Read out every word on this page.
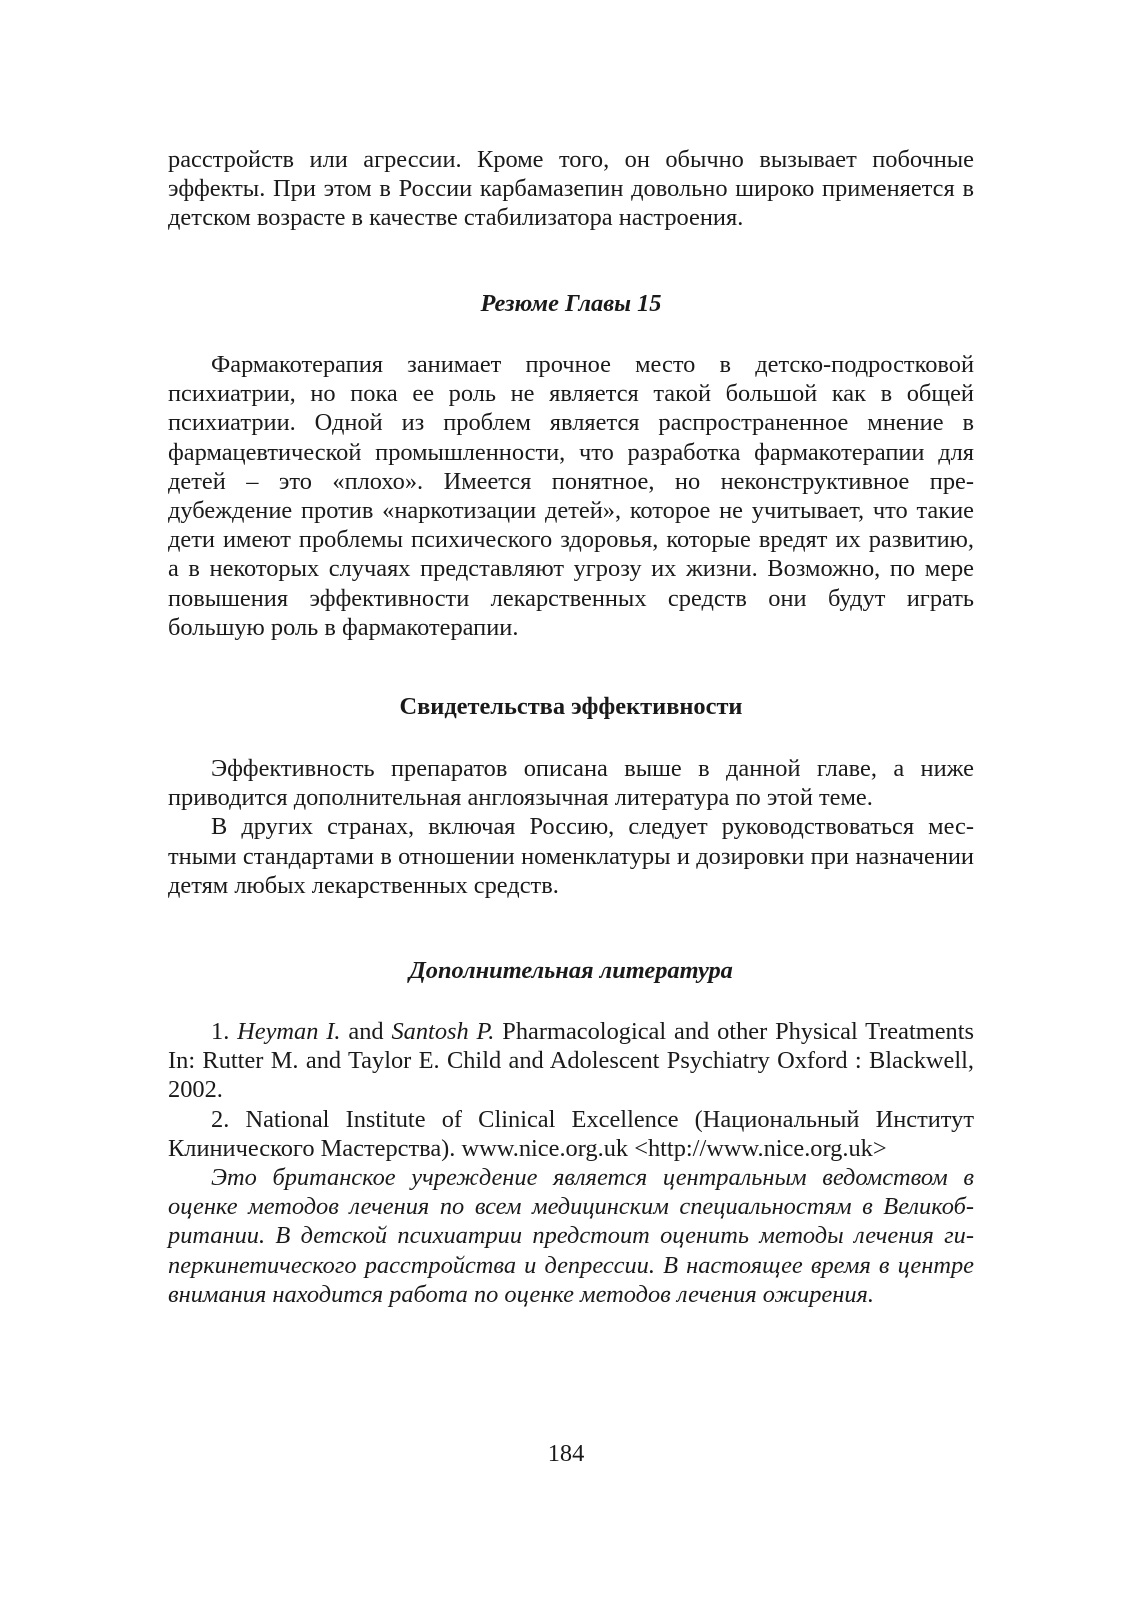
расстройств или агрессии. Кроме того, он обычно вызывает побочные эффекты. При этом в России карбамазепин довольно широко применяется в детском возрасте в качестве стабилизатора настроения.

Резюме Главы 15

Фармакотерапия занимает прочное место в детско-подростковой психиатрии, но пока ее роль не является такой большой как в общей психиатрии. Одной из проблем является распространенное мнение в фармацевтической промышленности, что разработка фармакотерапии для детей – это «плохо». Имеется понятное, но неконструктивное предубеждение против «наркотизации детей», которое не учитывает, что такие дети имеют проблемы психического здоровья, которые вредят их развитию, а в некоторых случаях представляют угрозу их жизни. Возможно, по мере повышения эффективности лекарственных средств они будут играть большую роль в фармакотерапии.

Свидетельства эффективности

Эффективность препаратов описана выше в данной главе, а ниже приводится дополнительная англоязычная литература по этой теме.

В других странах, включая Россию, следует руководствоваться местными стандартами в отношении номенклатуры и дозировки при назначении детям любых лекарственных средств.

Дополнительная литература

1. Heyman I. and Santosh P. Pharmacological and other Physical Treatments In: Rutter M. and Taylor E. Child and Adolescent Psychiatry Oxford : Blackwell, 2002.

2. National Institute of Clinical Excellence (Национальный Институт Клинического Мастерства). www.nice.org.uk <http://www.nice.org.uk>

Это британское учреждение является центральным ведомством в оценке методов лечения по всем медицинским специальностям в Великобритании. В детской психиатрии предстоит оценить методы лечения гиперкинетического расстройства и депрессии. В настоящее время в центре внимания находится работа по оценке методов лечения ожирения.

184
